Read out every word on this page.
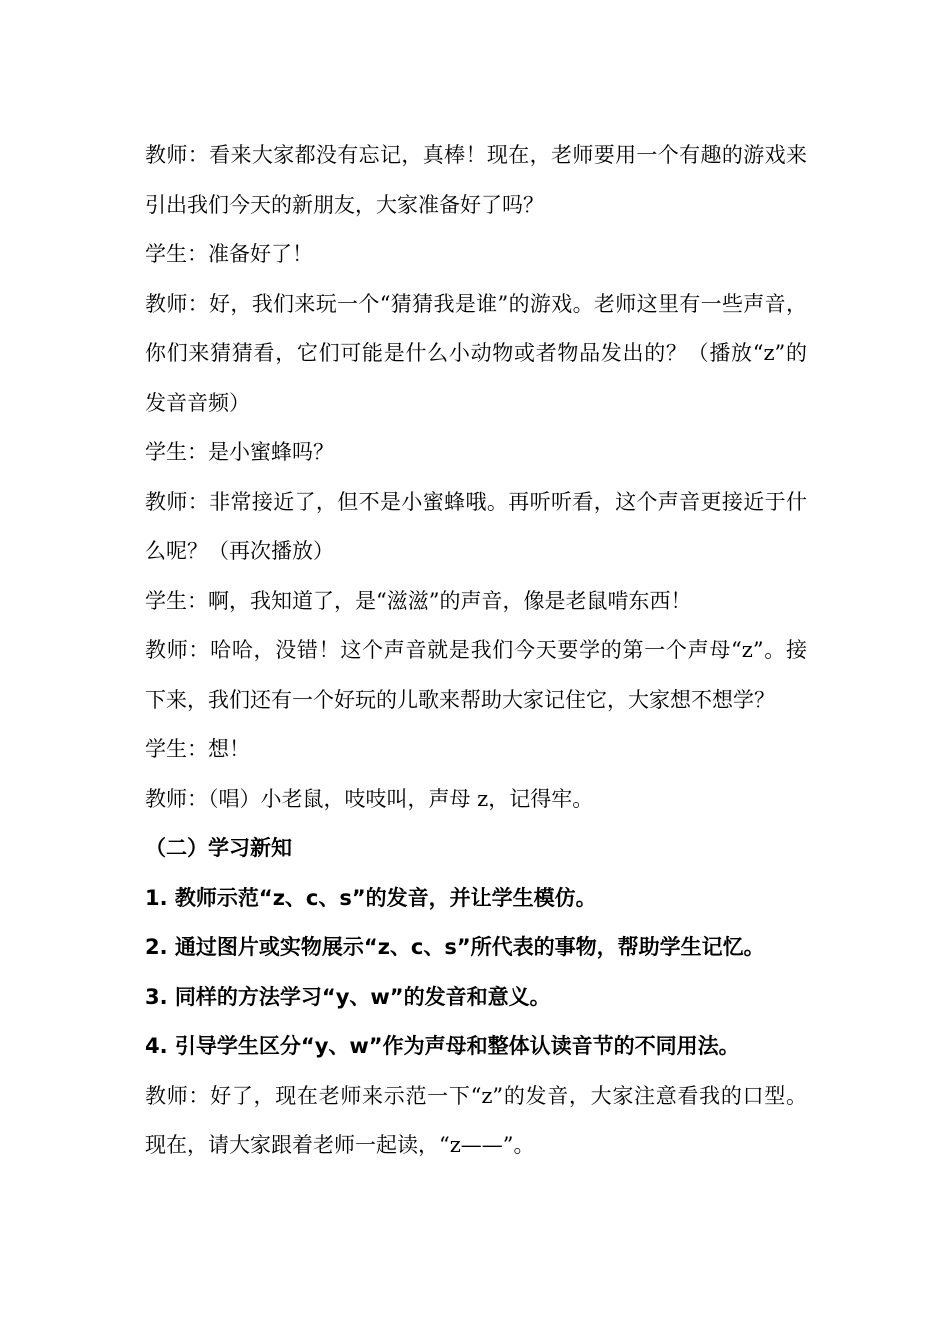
教师：看来大家都没有忘记，真棒！现在，老师要用一个有趣的游戏来引出我们今天的新朋友，大家准备好了吗？

学生：准备好了！

教师：好，我们来玩一个“猜猜我是谁”的游戏。老师这里有一些声音，你们来猜猜看，它们可能是什么小动物或者物品发出的？（播放“z”的发音音频）

学生：是小蜜蜂吗？

教师：非常接近了，但不是小蜜蜂哦。再听听看，这个声音更接近于什么呢？（再次播放）

学生：啊，我知道了，是“滋滋”的声音，像是老鼠啃东西！

教师：哈哈，没错！这个声音就是我们今天要学的第一个声母“z”。接下来，我们还有一个好玩的儿歌来帮助大家记住它，大家想不想学？

学生：想！

教师：（唱）小老鼠，吱吱叫，声母 z，记得牢。

（二）学习新知

1. 教师示范“z、c、s”的发音，并让学生模仿。

2. 通过图片或实物展示“z、c、s”所代表的事物，帮助学生记忆。

3. 同样的方法学习“y、w”的发音和意义。

4. 引导学生区分“y、w”作为声母和整体认读音节的不同用法。

教师：好了，现在老师来示范一下“z”的发音，大家注意看我的口型。现在，请大家跟着老师一起读，“z——”。
